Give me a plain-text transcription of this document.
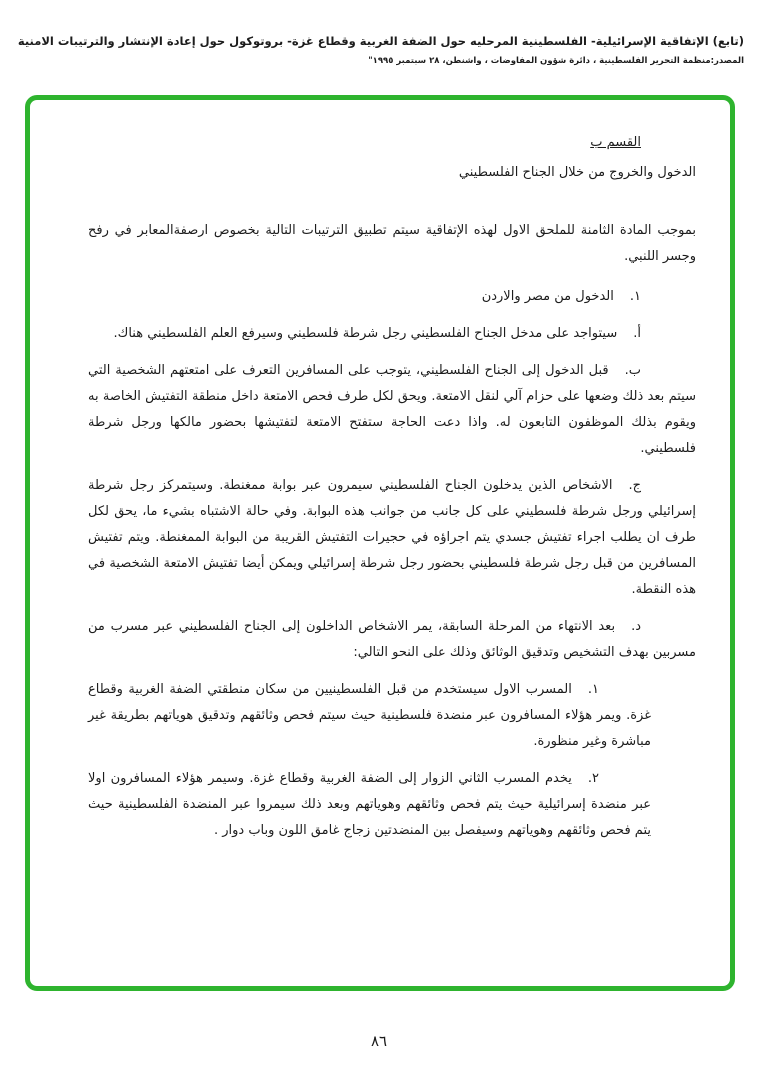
(تابع) الإتفاقية الإسرائيلية- الفلسطينية المرحليه حول الضفة الغربية وقطاع غزة- بروتوكول حول إعادة الإنتشار والترتيبات الامنية
المصدر:منظمة التحرير الفلسطينية ، دائرة شؤون المفاوضات ، واشنطن، ٢٨ سبتمبر ١٩٩٥"
القسم ب
الدخول والخروج من خلال الجناح الفلسطيني

بموجب المادة الثامنة للملحق الاول لهذه الإتفاقية سيتم تطبيق الترتيبات التالية بخصوص ارصفةالمعابر في رفح وجسر اللنبي.

١.الدخول من مصر والاردن

أ.سيتواجد على مدخل الجناح الفلسطيني رجل شرطة فلسطيني وسيرفع العلم الفلسطيني هناك.

ب.قبل الدخول إلى الجناح الفلسطيني، يتوجب على المسافرين التعرف على امتعتهم الشخصية التي سيتم بعد ذلك وضعها على حزام آلي لنقل الامتعة. ويحق لكل طرف فحص الامتعة داخل منطقة التفتيش الخاصة به ويقوم بذلك الموظفون التابعون له. واذا دعت الحاجة ستفتح الامتعة لتفتيشها بحضور مالكها ورجل شرطة فلسطيني.

ج.الاشخاص الذين يدخلون الجناح الفلسطيني سيمرون عبر بوابة ممغنطة. وسيتمركز رجل شرطة إسرائيلي ورجل شرطة فلسطيني على كل جانب من جوانب هذه البوابة. وفي حالة الاشتباه بشيء ما، يحق لكل طرف ان يطلب اجراء تفتيش جسدي يتم اجراؤه في حجيرات التفتيش القريبة من البوابة الممغنطة. ويتم تفتيش المسافرين من قبل رجل شرطة فلسطيني بحضور رجل شرطة إسرائيلي ويمكن أيضا تفتيش الامتعة الشخصية في هذه النقطة.

د.بعد الانتهاء من المرحلة السابقة، يمر الاشخاص الداخلون إلى الجناح الفلسطيني عبر مسرب من مسربين بهدف التشخيص وتدقيق الوثائق وذلك على النحو التالي:

١.المسرب الاول سيستخدم من قبل الفلسطينيين من سكان منطقتي الضفة الغربية وقطاع غزة. ويمر هؤلاء المسافرون عبر منضدة فلسطينية حيث سيتم فحص وثائقهم وتدقيق هوياتهم بطريقة غير مباشرة وغير منظورة.

٢.يخدم المسرب الثاني الزوار إلى الضفة الغربية وقطاع غزة. وسيمر هؤلاء المسافرون اولا عبر منضدة إسرائيلية حيث يتم فحص وثائقهم وهوياتهم وبعد ذلك سيمروا عبر المنضدة الفلسطينية حيث يتم فحص وثائقهم وهوياتهم وسيفصل بين المنضدتين زجاج غامق اللون وباب دوار .

٨٦
